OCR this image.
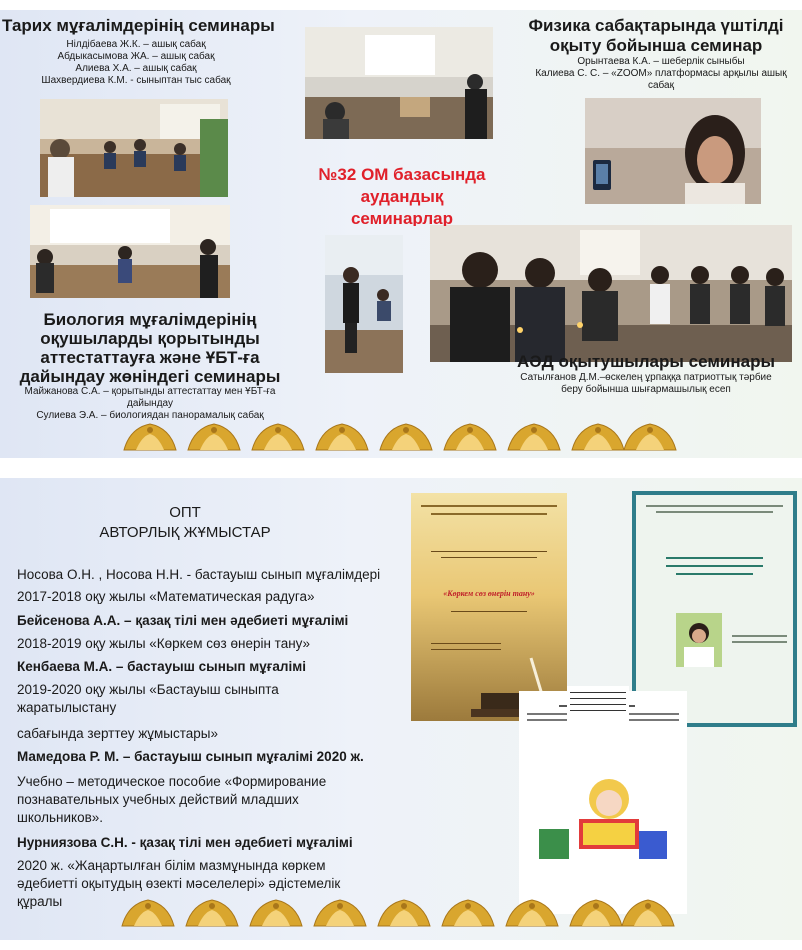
Тарих мұғалімдерінің семинары
Нілдібаева Ж.К. – ашық сабақ
Абдыкасымова ЖА. – ашық сабақ
Алиева Х.А. – ашық сабақ
Шахвердиева К.М. - сыныптан тыс сабақ
Физика сабақтарында үштілді
оқыту бойынша семинар
Орынтаева К.А. – шеберлік сыныбы
Калиева С. С. – «ZOOM» платформасы арқылы ашық
сабақ
№32 ОМ базасында
аудандық
семинарлар
Биология мұғалімдерінің
оқушыларды қорытынды
аттестаттауға және ҰБТ-ға
дайындау жөніндегі семинары
Майжанова С.А. – қорытынды аттестаттау мен ҰБТ-ға
дайындау
Сулиева Э.А. – биологиядан панорамалық сабақ
АӘД оқытушылары семинары
Сатылғанов Д.М.–өскелең ұрпаққа патриоттық тәрбие
беру бойынша шығармашылық есеп
ОПТ
АВТОРЛЫҚ ЖҰМЫСТАР
Носова О.Н. , Носова Н.Н. - бастауыш сынып мұғалімдері
2017-2018 оқу жылы «Математическая радуга»
Бейсенова А.А. – қазақ тілі мен әдебиеті мұғалімі
2018-2019 оқу жылы «Көркем сөз өнерін тану»
Кенбаева М.А. – бастауыш сынып мұғалімі
2019-2020 оқу жылы «Бастауыш сыныпта
жаратылыстану
сабағында зерттеу жұмыстары»
Мамедова Р. М. – бастауыш сынып мұғалімі 2020 ж.
Учебно – методическое пособие «Формирование
познавательных учебных действий младших
школьников».
Нурниязова С.Н. - қазақ тілі мен әдебиеті мұғалімі
2020 ж. «Жаңартылған білім мазмұнында көркем
әдебиетті оқытудың өзекті мәселелері» әдістемелік
құралы
«Көркем сөз өнерін тану»
